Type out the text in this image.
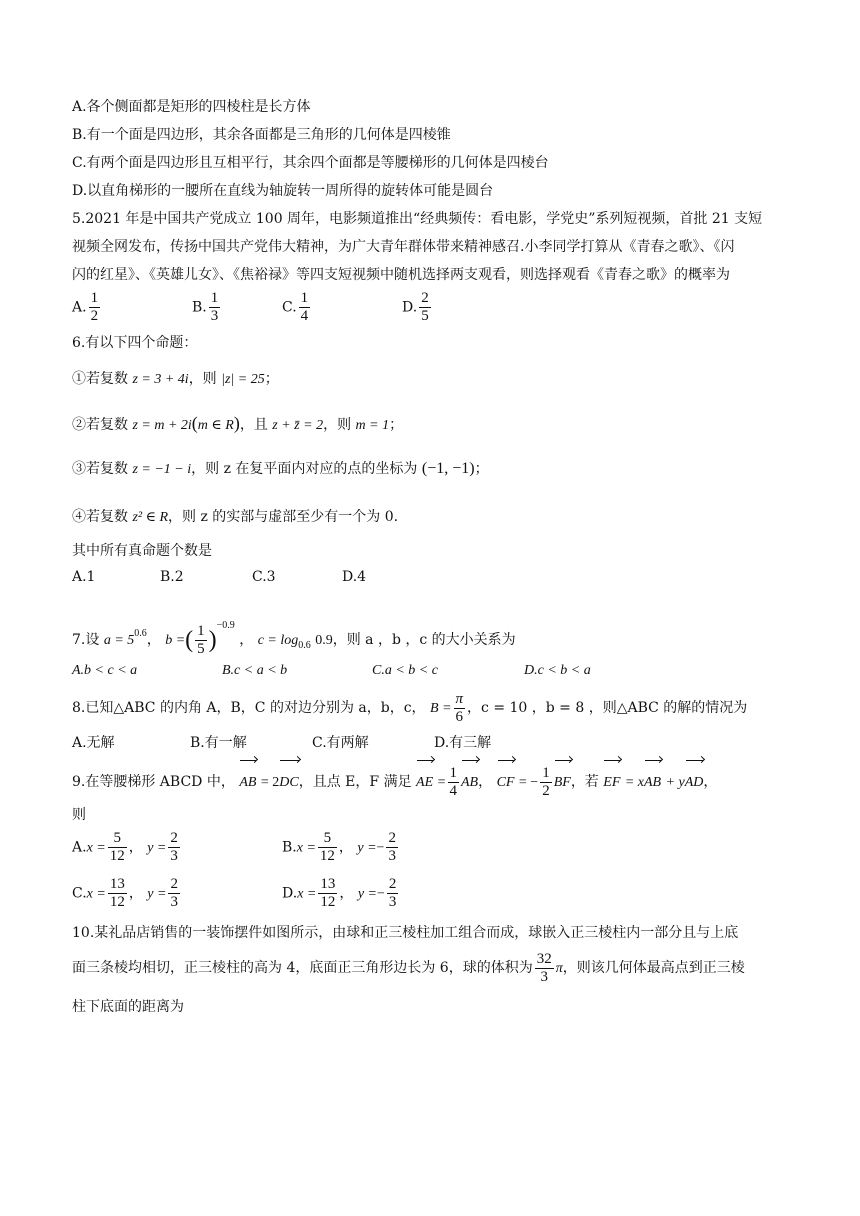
A.各个侧面都是矩形的四棱柱是长方体
B.有一个面是四边形，其余各面都是三角形的几何体是四棱锥
C.有两个面是四边形且互相平行，其余四个面都是等腰梯形的几何体是四棱台
D.以直角梯形的一腰所在直线为轴旋转一周所得的旋转体可能是圆台
5.2021 年是中国共产党成立 100 周年，电影频道推出“经典频传：看电影，学党史”系列短视频，首批 21 支短
视频全网发布，传扬中国共产党伟大精神，为广大青年群体带来精神感召.小李同学打算从《青春之歌》、《闪
闪的红星》、《英雄儿女》、《焦裕禄》等四支短视频中随机选择两支观看，则选择观看《青春之歌》的概率为
A. $\frac{1}{2}$	B. $\frac{1}{3}$	C. $\frac{1}{4}$	D. $\frac{2}{5}$
6.有以下四个命题：
①若复数 z = 3 + 4i，则 |z| = 25；
②若复数 z = m + 2i(m ∈ R)，且 z + z̄ = 2，则 m = 1；
③若复数 z = −1 − i，则 z 在复平面内对应的点的坐标为 (−1, −1)；
④若复数 z² ∈ R，则 z 的实部与虚部至少有一个为 0.
其中所有真命题个数是
A.1	B.2	C.3	D.4
7.设 $a = 5^{0.6}$， b =( $\frac{1}{5} )^{-0.9}$ ， $c = \log_{0.6} 0.9$，则 a ，b ，c 的大小关系为
A.b < c < a	B.c < a < b	C.a < b < c	D.c < b < a
8.已知△ABC 的内角 A，B，C 的对边分别为 a，b，c， $B = \frac{\pi}{6}$ ，c = 10 ，b = 8 ，则△ABC 的解的情况为
A.无解	B.有一解	C.有两解	D.有三解
9.在等腰梯形 ABCD 中， AB = 2DC，且点 E，F 满足 AE = $\frac{1}{4}$ AB， CF = − $\frac{1}{2}$ BF，若 EF = xAB + yAD，
则
$A.x = \frac{5}{12}$ ， $y = \frac{2}{3}$	$B.x = \frac{5}{12}$ ， $y =- \frac{2}{3}$
$C.x = \frac{13}{12}$ ， $y = \frac{2}{3}$	$D.x = \frac{13}{12}$ ， $y =- \frac{2}{3}$
10.某礼品店销售的一装饰摆件如图所示，由球和正三棱柱加工组合而成，球嵌入正三棱柱内一部分且与上底
面三条棱均相切，正三棱柱的高为 4，底面正三角形边长为 6，球的体积为 $\frac{32}{3}$ π，则该几何体最高点到正三棱
柱下底面的距离为
